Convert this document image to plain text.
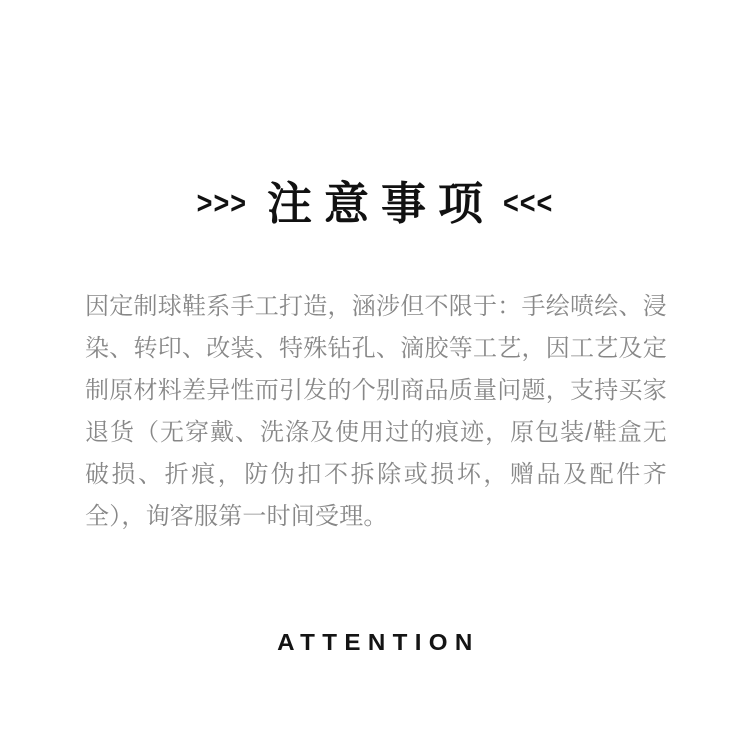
>>> 注意事项 <<<

因定制球鞋系手工打造，涵涉但不限于：手绘喷绘、浸染、转印、改装、特殊钻孔、滴胶等工艺，因工艺及定制原材料差异性而引发的个别商品质量问题，支持买家退货（无穿戴、洗涤及使用过的痕迹，原包装/鞋盒无破损、折痕，防伪扣不拆除或损坏，赠品及配件齐全），询客服第一时间受理。

ATTENTION
